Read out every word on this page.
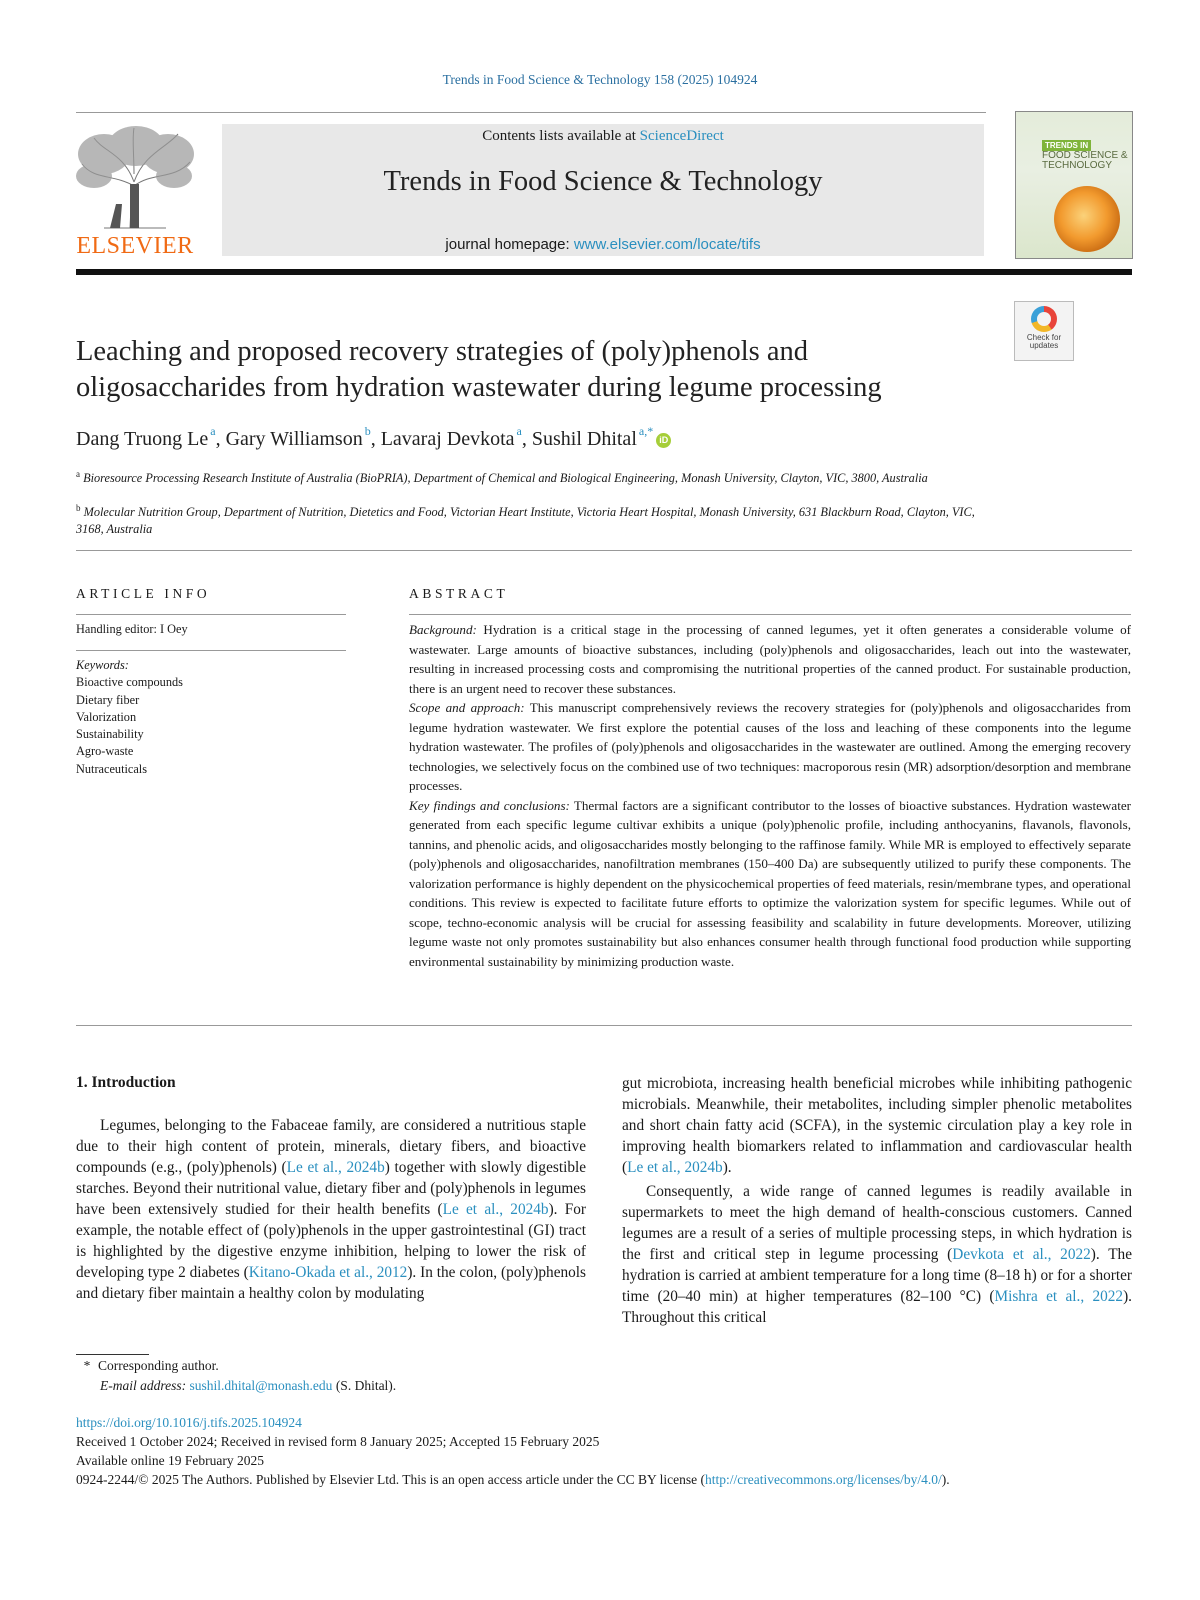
Trends in Food Science & Technology 158 (2025) 104924
ELSEVIER
Contents lists available at ScienceDirect
Trends in Food Science & Technology
journal homepage: www.elsevier.com/locate/tifs
TRENDS IN
FOOD SCIENCE & TECHNOLOGY
Check for updates
Leaching and proposed recovery strategies of (poly)phenols and oligosaccharides from hydration wastewater during legume processing
Dang Truong Le $^a$, Gary Williamson $^b$, Lavaraj Devkota $^a$, Sushil Dhital $^{a,*}$iD
$^a$ Bioresource Processing Research Institute of Australia (BioPRIA), Department of Chemical and Biological Engineering, Monash University, Clayton, VIC, 3800, Australia
$^b$ Molecular Nutrition Group, Department of Nutrition, Dietetics and Food, Victorian Heart Institute, Victoria Heart Hospital, Monash University, 631 Blackburn Road, Clayton, VIC, 3168, Australia
ARTICLE INFO
Handling editor: I Oey
Keywords:
Bioactive compounds
Dietary fiber
Valorization
Sustainability
Agro-waste
Nutraceuticals
ABSTRACT

Background: Hydration is a critical stage in the processing of canned legumes, yet it often generates a considerable volume of wastewater. Large amounts of bioactive substances, including (poly)phenols and oligosaccharides, leach out into the wastewater, resulting in increased processing costs and compromising the nutritional properties of the canned product. For sustainable production, there is an urgent need to recover these substances.

Scope and approach: This manuscript comprehensively reviews the recovery strategies for (poly)phenols and oligosaccharides from legume hydration wastewater. We first explore the potential causes of the loss and leaching of these components into the legume hydration wastewater. The profiles of (poly)phenols and oligosaccharides in the wastewater are outlined. Among the emerging recovery technologies, we selectively focus on the combined use of two techniques: macroporous resin (MR) adsorption/desorption and membrane processes.

Key findings and conclusions: Thermal factors are a significant contributor to the losses of bioactive substances. Hydration wastewater generated from each specific legume cultivar exhibits a unique (poly)phenolic profile, including anthocyanins, flavanols, flavonols, tannins, and phenolic acids, and oligosaccharides mostly belonging to the raffinose family. While MR is employed to effectively separate (poly)phenols and oligosaccharides, nanofiltration membranes (150–400 Da) are subsequently utilized to purify these components. The valorization performance is highly dependent on the physicochemical properties of feed materials, resin/membrane types, and operational conditions. This review is expected to facilitate future efforts to optimize the valorization system for specific legumes. While out of scope, techno-economic analysis will be crucial for assessing feasibility and scalability in future developments. Moreover, utilizing legume waste not only promotes sustainability but also enhances consumer health through functional food production while supporting environmental sustainability by minimizing production waste.

1. Introduction

Legumes, belonging to the Fabaceae family, are considered a nutritious staple due to their high content of protein, minerals, dietary fibers, and bioactive compounds (e.g., (poly)phenols) (Le et al., 2024b) together with slowly digestible starches. Beyond their nutritional value, dietary fiber and (poly)phenols in legumes have been extensively studied for their health benefits (Le et al., 2024b). For example, the notable effect of (poly)phenols in the upper gastrointestinal (GI) tract is highlighted by the digestive enzyme inhibition, helping to lower the risk of developing type 2 diabetes (Kitano-Okada et al., 2012). In the colon, (poly)phenols and dietary fiber maintain a healthy colon by modulating

gut microbiota, increasing health beneficial microbes while inhibiting pathogenic microbials. Meanwhile, their metabolites, including simpler phenolic metabolites and short chain fatty acid (SCFA), in the systemic circulation play a key role in improving health biomarkers related to inflammation and cardiovascular health (Le et al., 2024b).

Consequently, a wide range of canned legumes is readily available in supermarkets to meet the high demand of health-conscious customers. Canned legumes are a result of a series of multiple processing steps, in which hydration is the first and critical step in legume processing (Devkota et al., 2022). The hydration is carried at ambient temperature for a long time (8–18 h) or for a shorter time (20–40 min) at higher temperatures (82–100 °C) (Mishra et al., 2022). Throughout this critical

* Corresponding author.
E-mail address: sushil.dhital@monash.edu (S. Dhital).
https://doi.org/10.1016/j.tifs.2025.104924
Received 1 October 2024; Received in revised form 8 January 2025; Accepted 15 February 2025
Available online 19 February 2025
0924-2244/© 2025 The Authors. Published by Elsevier Ltd. This is an open access article under the CC BY license (http://creativecommons.org/licenses/by/4.0/).
